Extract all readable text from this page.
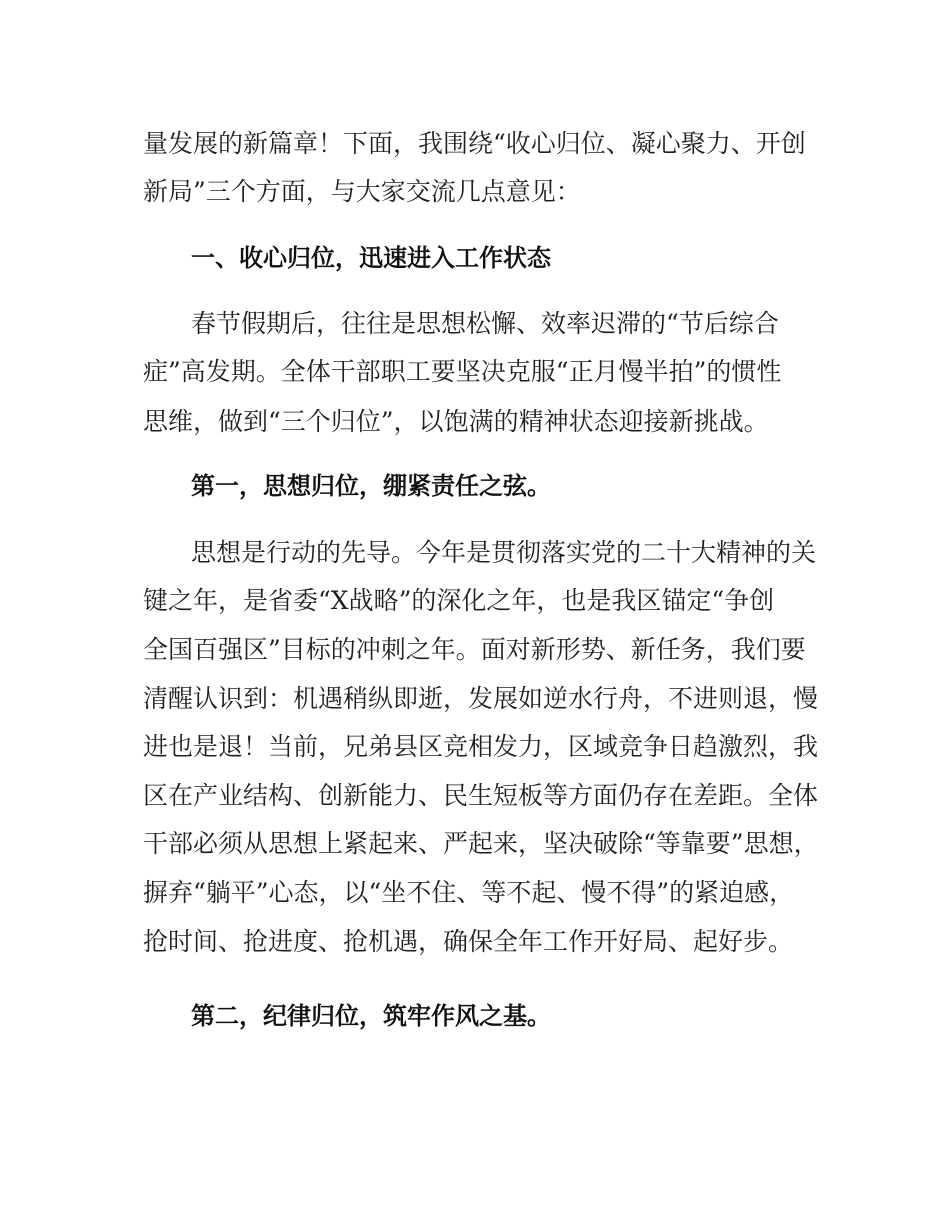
量发展的新篇章！下面，我围绕“收心归位、凝心聚力、开创
新局”三个方面，与大家交流几点意见：
一、收心归位，迅速进入工作状态
春节假期后，往往是思想松懈、效率迟滞的“节后综合
症”高发期。全体干部职工要坚决克服“正月慢半拍”的惯性
思维，做到“三个归位”，以饱满的精神状态迎接新挑战。
第一，思想归位，绷紧责任之弦。
思想是行动的先导。今年是贯彻落实党的二十大精神的关
键之年，是省委“X战略”的深化之年，也是我区锚定“争创
全国百强区”目标的冲刺之年。面对新形势、新任务，我们要
清醒认识到：机遇稍纵即逝，发展如逆水行舟，不进则退，慢
进也是退！当前，兄弟县区竞相发力，区域竞争日趋激烈，我
区在产业结构、创新能力、民生短板等方面仍存在差距。全体
干部必须从思想上紧起来、严起来，坚决破除“等靠要”思想，
摒弃“躺平”心态，以“坐不住、等不起、慢不得”的紧迫感，
抢时间、抢进度、抢机遇，确保全年工作开好局、起好步。
第二，纪律归位，筑牢作风之基。
